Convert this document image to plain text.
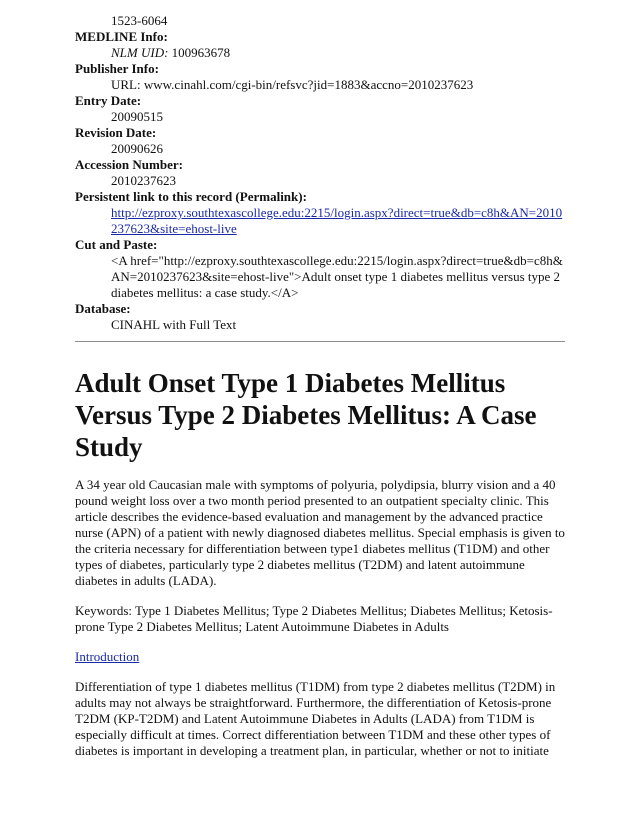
1523-6064
MEDLINE Info:
NLM UID: 100963678
Publisher Info:
URL: www.cinahl.com/cgi-bin/refsvc?jid=1883&accno=2010237623
Entry Date:
20090515
Revision Date:
20090626
Accession Number:
2010237623
Persistent link to this record (Permalink):
http://ezproxy.southtexascollege.edu:2215/login.aspx?direct=true&db=c8h&AN=2010237623&site=ehost-live
Cut and Paste:
<A href="http://ezproxy.southtexascollege.edu:2215/login.aspx?direct=true&db=c8h&AN=2010237623&site=ehost-live">Adult onset type 1 diabetes mellitus versus type 2 diabetes mellitus: a case study.</A>
Database:
CINAHL with Full Text
Adult Onset Type 1 Diabetes Mellitus Versus Type 2 Diabetes Mellitus: A Case Study

A 34 year old Caucasian male with symptoms of polyuria, polydipsia, blurry vision and a 40 pound weight loss over a two month period presented to an outpatient specialty clinic. This article describes the evidence-based evaluation and management by the advanced practice nurse (APN) of a patient with newly diagnosed diabetes mellitus. Special emphasis is given to the criteria necessary for differentiation between type1 diabetes mellitus (T1DM) and other types of diabetes, particularly type 2 diabetes mellitus (T2DM) and latent autoimmune diabetes in adults (LADA).

Keywords: Type 1 Diabetes Mellitus; Type 2 Diabetes Mellitus; Diabetes Mellitus; Ketosis-prone Type 2 Diabetes Mellitus; Latent Autoimmune Diabetes in Adults

Introduction

Differentiation of type 1 diabetes mellitus (T1DM) from type 2 diabetes mellitus (T2DM) in adults may not always be straightforward. Furthermore, the differentiation of Ketosis-prone T2DM (KP-T2DM) and Latent Autoimmune Diabetes in Adults (LADA) from T1DM is especially difficult at times. Correct differentiation between T1DM and these other types of diabetes is important in developing a treatment plan, in particular, whether or not to initiate
